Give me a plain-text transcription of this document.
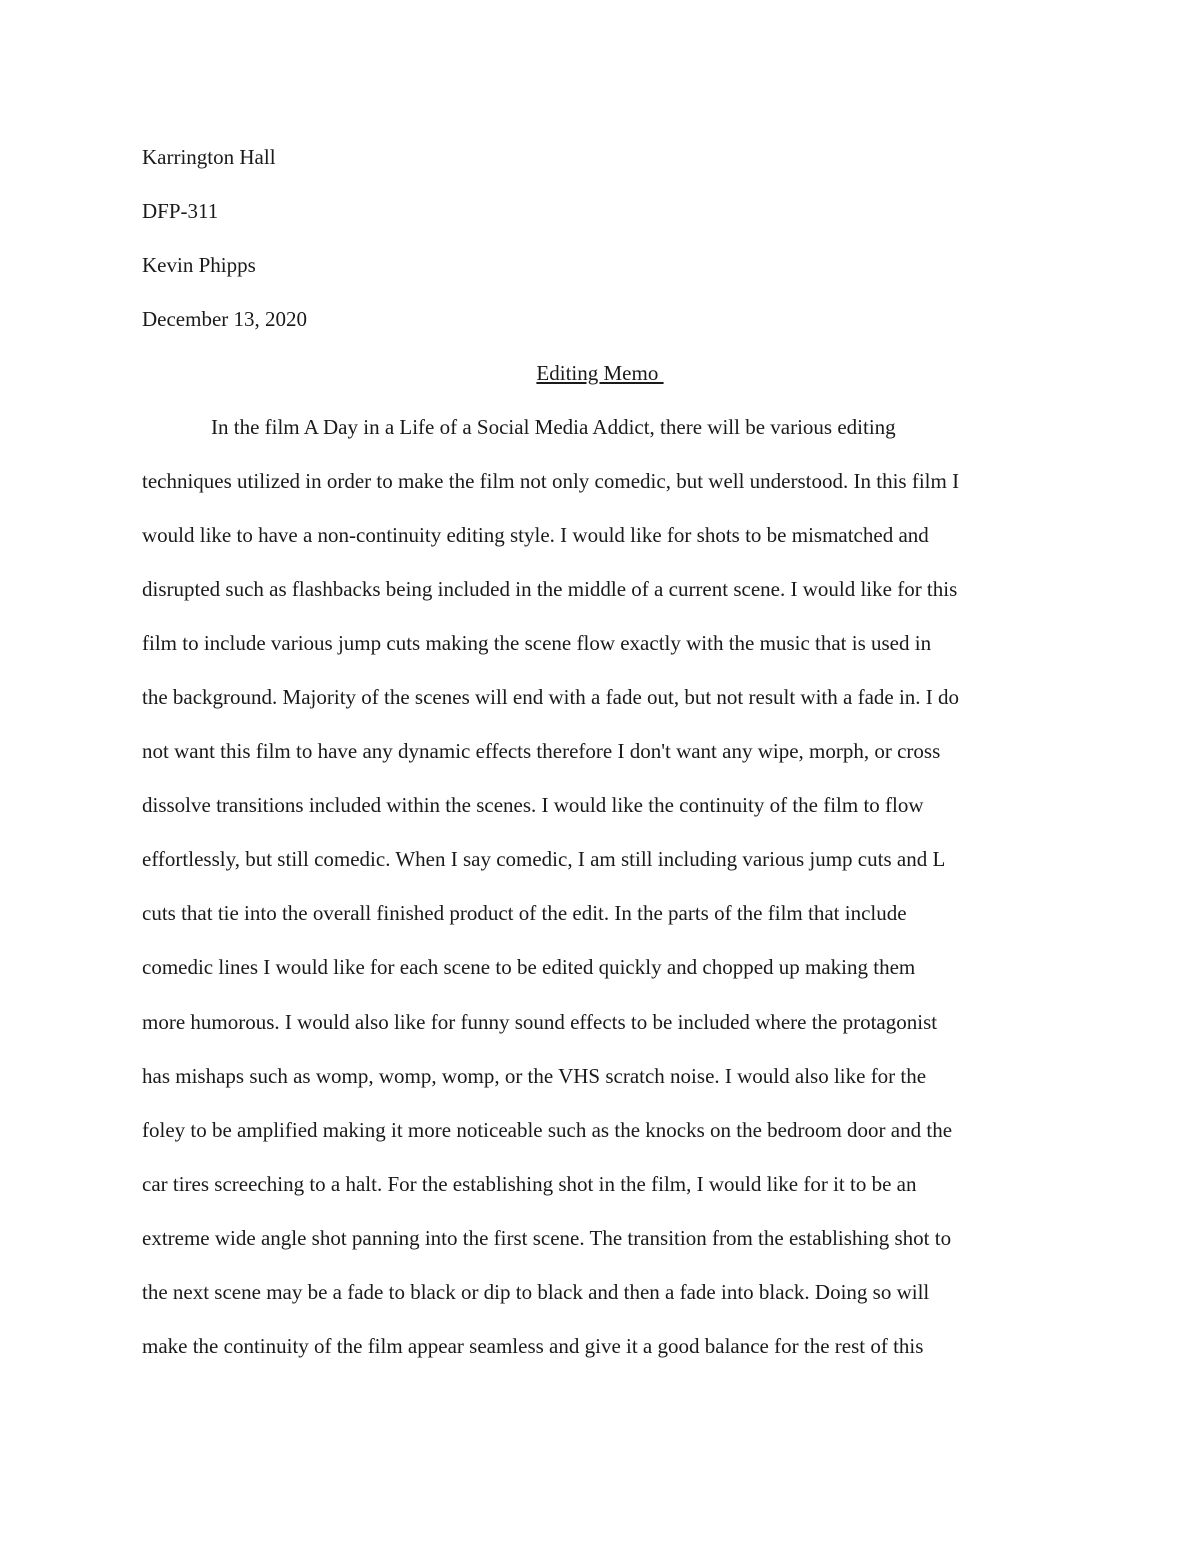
Karrington Hall
DFP-311
Kevin Phipps
December 13, 2020
Editing Memo
In the film A Day in a Life of a Social Media Addict, there will be various editing
techniques utilized in order to make the film not only comedic, but well understood. In this film I
would like to have a non-continuity editing style. I would like for shots to be mismatched and
disrupted such as flashbacks being included in the middle of a current scene. I would like for this
film to include various jump cuts making the scene flow exactly with the music that is used in
the background. Majority of the scenes will end with a fade out, but not result with a fade in. I do
not want this film to have any dynamic effects therefore I don't want any wipe, morph, or cross
dissolve transitions included within the scenes. I would like the continuity of the film to flow
effortlessly, but still comedic. When I say comedic, I am still including various jump cuts and L
cuts that tie into the overall finished product of the edit. In the parts of the film that include
comedic lines I would like for each scene to be edited quickly and chopped up making them
more humorous. I would also like for funny sound effects to be included where the protagonist
has mishaps such as womp, womp, womp, or the VHS scratch noise. I would also like for the
foley to be amplified making it more noticeable such as the knocks on the bedroom door and the
car tires screeching to a halt. For the establishing shot in the film, I would like for it to be an
extreme wide angle shot panning into the first scene. The transition from the establishing shot to
the next scene may be a fade to black or dip to black and then a fade into black. Doing so will
make the continuity of the film appear seamless and give it a good balance for the rest of this
